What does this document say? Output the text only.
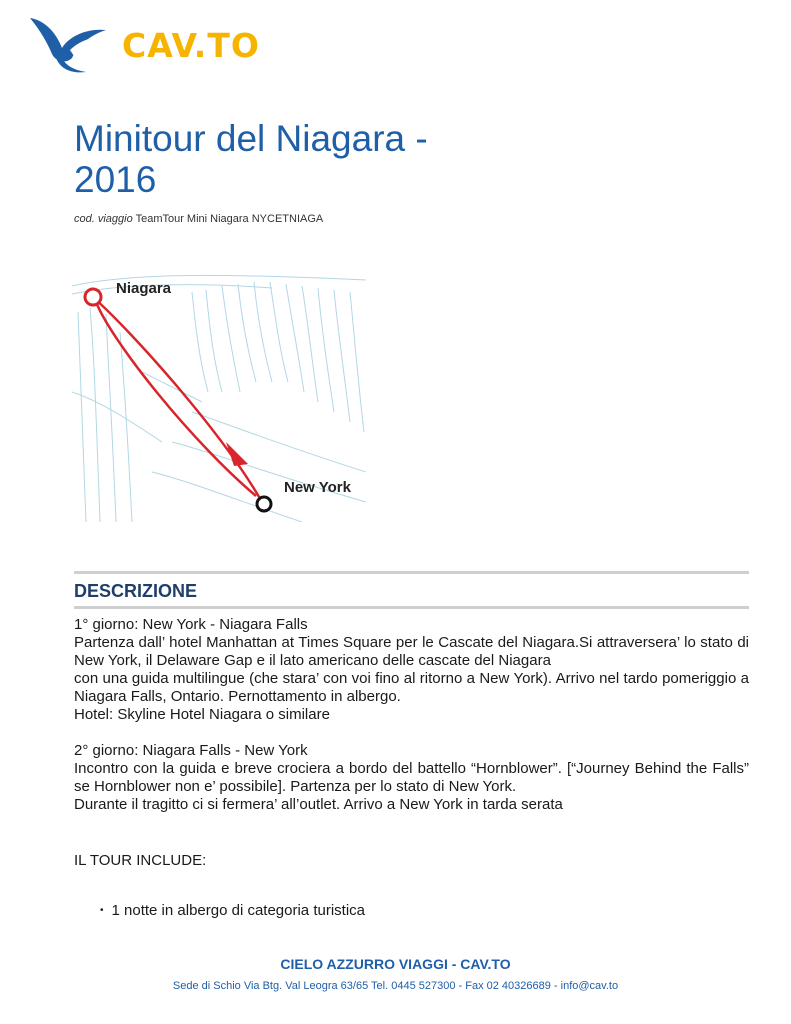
CAV.TO
Minitour del Niagara - 2016
cod. viaggio TeamTour Mini Niagara NYCETNIAGA
Niagara
New York
DESCRIZIONE

1° giorno: New York - Niagara Falls

Partenza dall’ hotel Manhattan at Times Square per le Cascate del Niagara.Si attraversera’ lo stato di New York, il Delaware Gap e il lato americano delle cascate del Niagara

con una guida multilingue (che stara’ con voi fino al ritorno a New York). Arrivo nel tardo pomeriggio a Niagara Falls, Ontario. Pernottamento in albergo.

Hotel: Skyline Hotel Niagara o similare

2° giorno: Niagara Falls - New York

Incontro con la guida e breve crociera a bordo del battello “Hornblower”. [“Journey Behind the Falls” se Hornblower non e’ possibile]. Partenza per lo stato di New York.

Durante il tragitto ci si fermera’ all’outlet. Arrivo a New York in tarda serata

IL TOUR INCLUDE:
• 1 notte in albergo di categoria turistica
CIELO AZZURRO VIAGGI - CAV.TO
Sede di Schio Via Btg. Val Leogra 63/65 Tel. 0445 527300 - Fax 02 40326689 - info@cav.to
